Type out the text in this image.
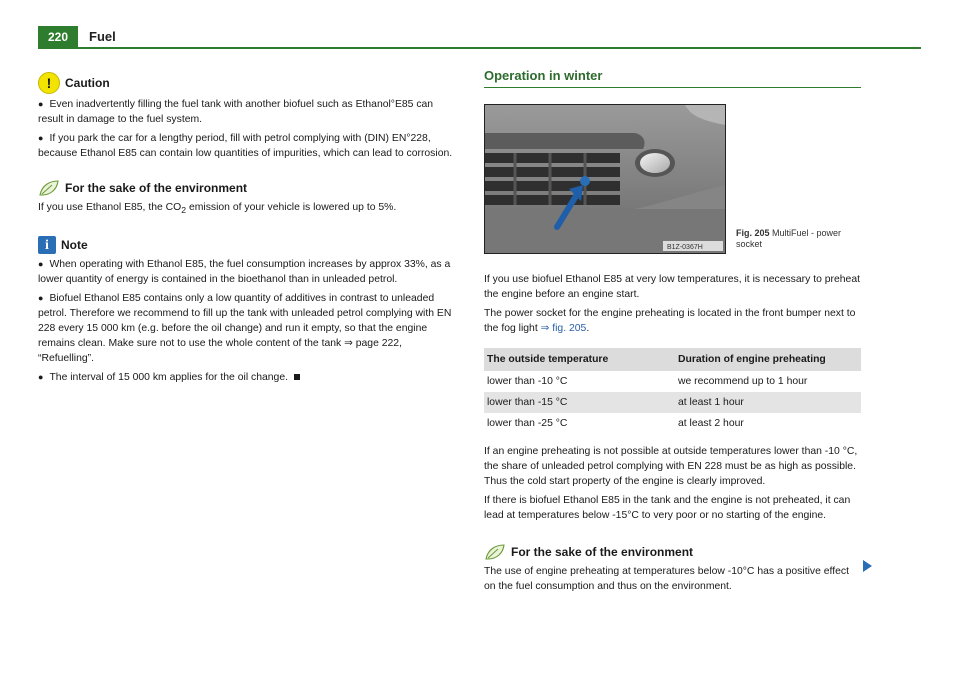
220	Fuel
!	Caution

● Even inadvertently filling the fuel tank with another biofuel such as Ethanol°E85 can result in damage to the fuel system.

● If you park the car for a lengthy period, fill with petrol complying with (DIN) EN°228, because Ethanol E85 can contain low quantities of impurities, which can lead to corrosion.

For the sake of the environment

If you use Ethanol E85, the $CO_2$ emission of your vehicle is lowered up to 5%.

i	Note

● When operating with Ethanol E85, the fuel consumption increases by approx 33%, as a lower quantity of energy is contained in the bioethanol than in unleaded petrol.

● Biofuel Ethanol E85 contains only a low quantity of additives in contrast to unleaded petrol. Therefore we recommend to fill up the tank with unleaded petrol complying with EN 228 every 15 000 km (e.g. before the oil change) and run it empty, so that the engine remains clean. Make sure not to use the whole content of the tank ⇒ page 222, “Refuelling”.

● The interval of 15 000 km applies for the oil change.

Operation in winter
B1Z-0367H
Fig. 205 MultiFuel - power socket

If you use biofuel Ethanol E85 at very low temperatures, it is necessary to preheat the engine before an engine start.

The power socket for the engine preheating is located in the front bumper next to the fog light ⇒ fig. 205.

The outside temperature	Duration of engine preheating
lower than -10 °C	we recommend up to 1 hour
lower than -15 °C	at least 1 hour
lower than -25 °C	at least 2 hour

If an engine preheating is not possible at outside temperatures lower than -10 °C, the share of unleaded petrol complying with EN 228 must be as high as possible. Thus the cold start property of the engine is clearly improved.

If there is biofuel Ethanol E85 in the tank and the engine is not preheated, it can lead at temperatures below -15°C to very poor or no starting of the engine.

For the sake of the environment

The use of engine preheating at temperatures below -10°C has a positive effect on the fuel consumption and thus on the environment.
